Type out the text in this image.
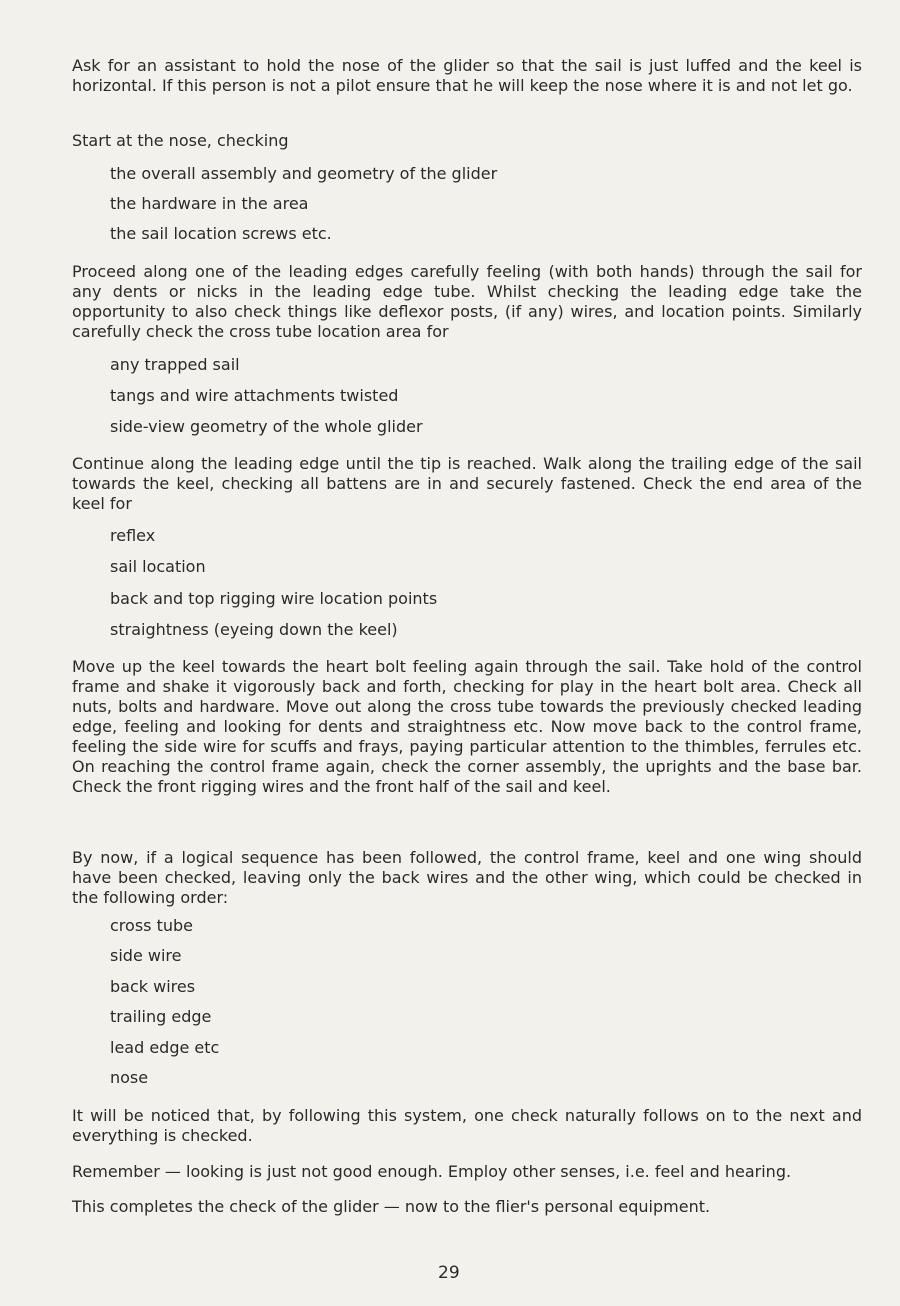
Ask for an assistant to hold the nose of the glider so that the sail is just luffed and the keel is horizontal. If this person is not a pilot ensure that he will keep the nose where it is and not let go.

Start at the nose, checking

the overall assembly and geometry of the glider
the hardware in the area
the sail location screws etc.

Proceed along one of the leading edges carefully feeling (with both hands) through the sail for any dents or nicks in the leading edge tube. Whilst checking the leading edge take the opportunity to also check things like deflexor posts, (if any) wires, and location points. Similarly carefully check the cross tube location area for

any trapped sail
tangs and wire attachments twisted
side-view geometry of the whole glider

Continue along the leading edge until the tip is reached. Walk along the trailing edge of the sail towards the keel, checking all battens are in and securely fastened. Check the end area of the keel for

reflex
sail location
back and top rigging wire location points
straightness (eyeing down the keel)

Move up the keel towards the heart bolt feeling again through the sail. Take hold of the control frame and shake it vigorously back and forth, checking for play in the heart bolt area. Check all nuts, bolts and hardware. Move out along the cross tube towards the previously checked leading edge, feeling and looking for dents and straightness etc. Now move back to the control frame, feeling the side wire for scuffs and frays, paying particular attention to the thimbles, ferrules etc. On reaching the control frame again, check the corner assembly, the uprights and the base bar. Check the front rigging wires and the front half of the sail and keel.

By now, if a logical sequence has been followed, the control frame, keel and one wing should have been checked, leaving only the back wires and the other wing, which could be checked in the following order:

cross tube
side wire
back wires
trailing edge
lead edge etc
nose

It will be noticed that, by following this system, one check naturally follows on to the next and everything is checked.

Remember — looking is just not good enough. Employ other senses, i.e. feel and hearing.

This completes the check of the glider — now to the flier's personal equipment.

29
